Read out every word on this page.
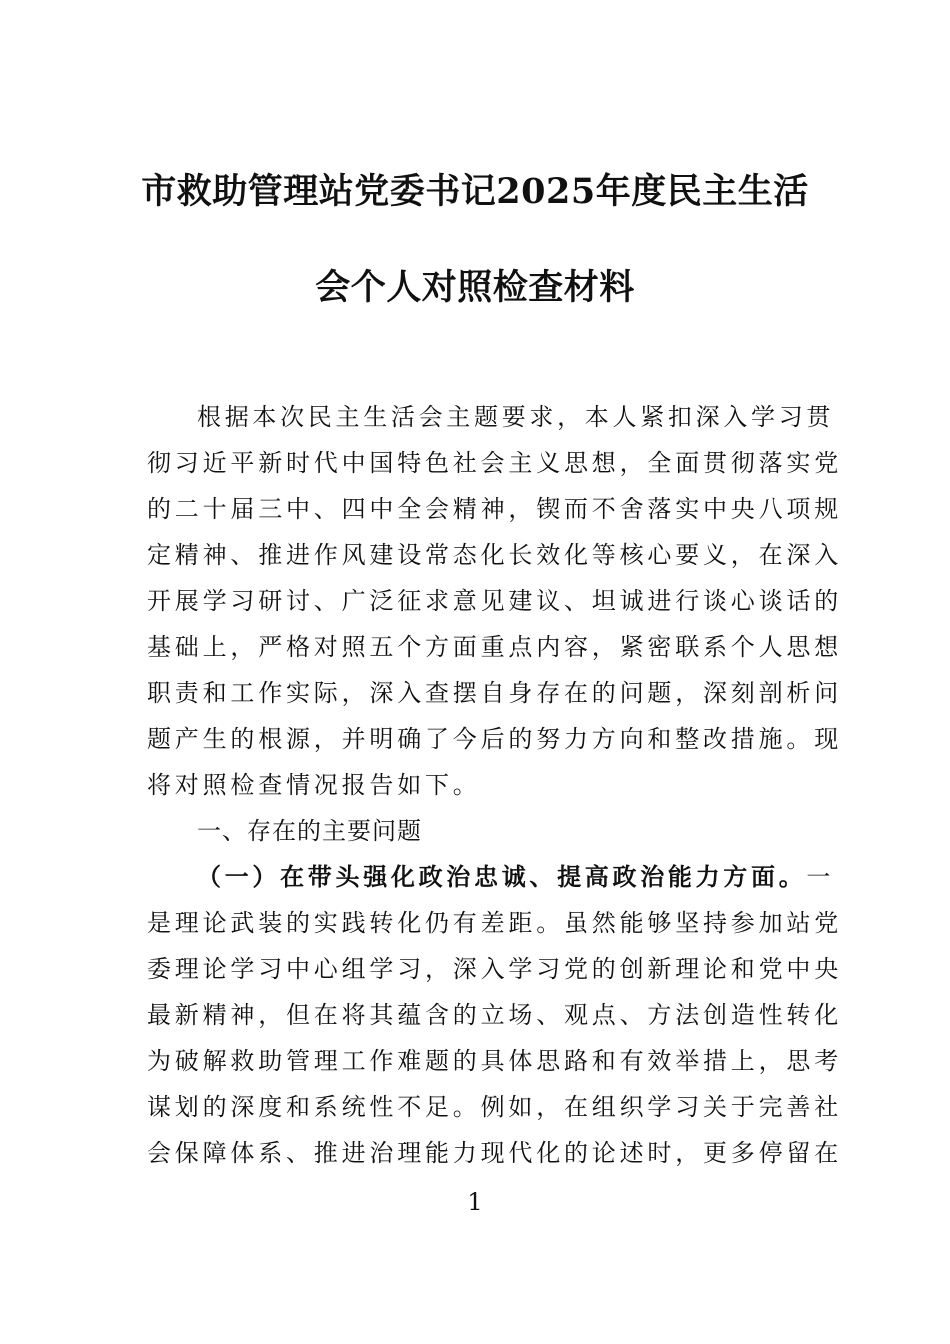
市救助管理站党委书记2025年度民主生活
会个人对照检查材料
根据本次民主生活会主题要求，本人紧扣深入学习贯
彻习近平新时代中国特色社会主义思想，全面贯彻落实党
的二十届三中、四中全会精神，锲而不舍落实中央八项规
定精神、推进作风建设常态化长效化等核心要义，在深入
开展学习研讨、广泛征求意见建议、坦诚进行谈心谈话的
基础上，严格对照五个方面重点内容，紧密联系个人思想
职责和工作实际，深入查摆自身存在的问题，深刻剖析问
题产生的根源，并明确了今后的努力方向和整改措施。现
将对照检查情况报告如下。
一、存在的主要问题
（一）在带头强化政治忠诚、提高政治能力方面。一
是理论武装的实践转化仍有差距。虽然能够坚持参加站党
委理论学习中心组学习，深入学习党的创新理论和党中央
最新精神，但在将其蕴含的立场、观点、方法创造性转化
为破解救助管理工作难题的具体思路和有效举措上，思考
谋划的深度和系统性不足。例如，在组织学习关于完善社
会保障体系、推进治理能力现代化的论述时，更多停留在
1
